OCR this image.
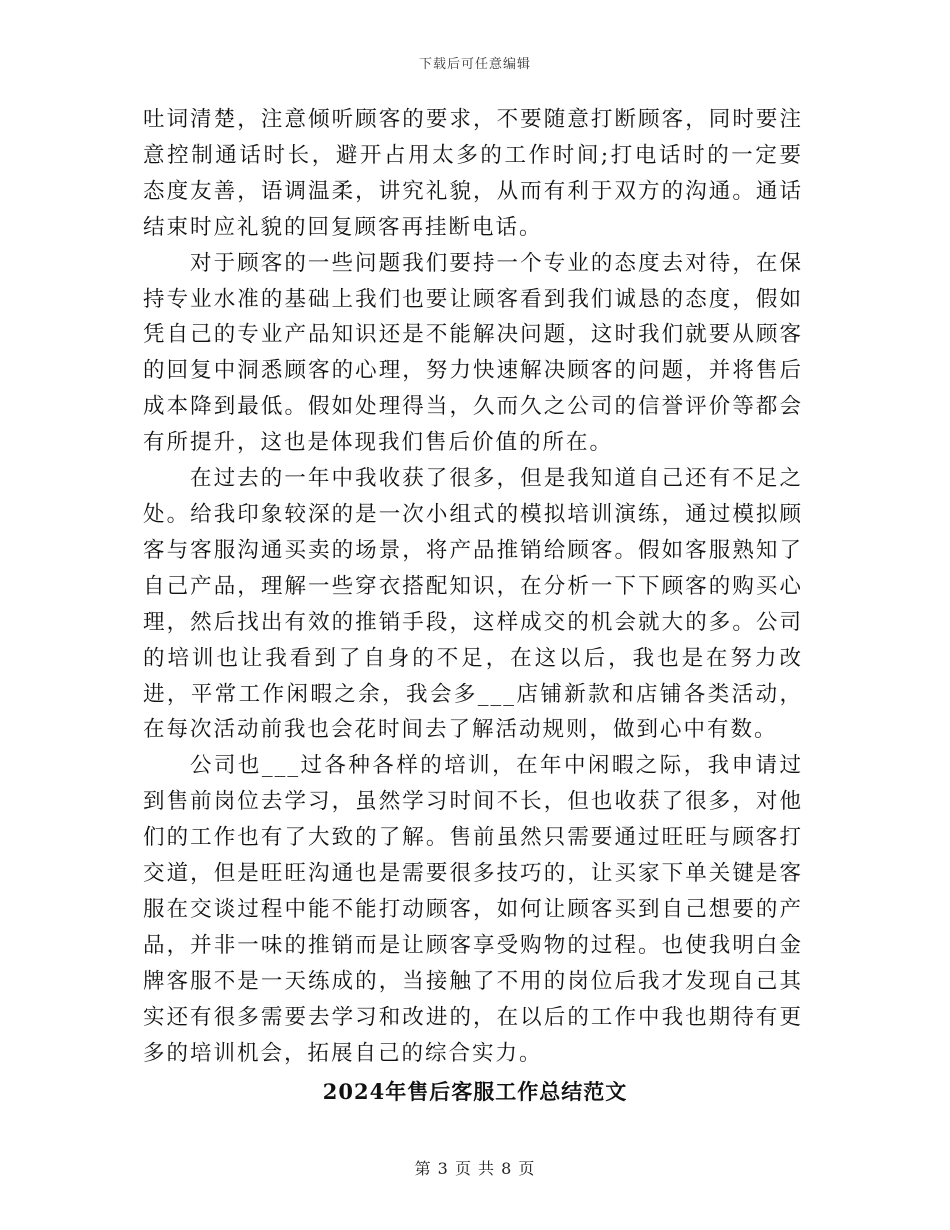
下载后可任意编辑

吐词清楚，注意倾听顾客的要求，不要随意打断顾客，同时要注意控制通话时长，避开占用太多的工作时间;打电话时的一定要态度友善，语调温柔，讲究礼貌，从而有利于双方的沟通。通话结束时应礼貌的回复顾客再挂断电话。

对于顾客的一些问题我们要持一个专业的态度去对待，在保持专业水准的基础上我们也要让顾客看到我们诚恳的态度，假如凭自己的专业产品知识还是不能解决问题，这时我们就要从顾客的回复中洞悉顾客的心理，努力快速解决顾客的问题，并将售后成本降到最低。假如处理得当，久而久之公司的信誉评价等都会有所提升，这也是体现我们售后价值的所在。

在过去的一年中我收获了很多，但是我知道自己还有不足之处。给我印象较深的是一次小组式的模拟培训演练，通过模拟顾客与客服沟通买卖的场景，将产品推销给顾客。假如客服熟知了自己产品，理解一些穿衣搭配知识，在分析一下下顾客的购买心理，然后找出有效的推销手段，这样成交的机会就大的多。公司的培训也让我看到了自身的不足，在这以后，我也是在努力改进，平常工作闲暇之余，我会多___店铺新款和店铺各类活动，在每次活动前我也会花时间去了解活动规则，做到心中有数。

公司也___过各种各样的培训，在年中闲暇之际，我申请过到售前岗位去学习，虽然学习时间不长，但也收获了很多，对他们的工作也有了大致的了解。售前虽然只需要通过旺旺与顾客打交道，但是旺旺沟通也是需要很多技巧的，让买家下单关键是客服在交谈过程中能不能打动顾客，如何让顾客买到自己想要的产品，并非一味的推销而是让顾客享受购物的过程。也使我明白金牌客服不是一天练成的，当接触了不用的岗位后我才发现自己其实还有很多需要去学习和改进的，在以后的工作中我也期待有更多的培训机会，拓展自己的综合实力。

2024年售后客服工作总结范文
第 3 页 共 8 页
